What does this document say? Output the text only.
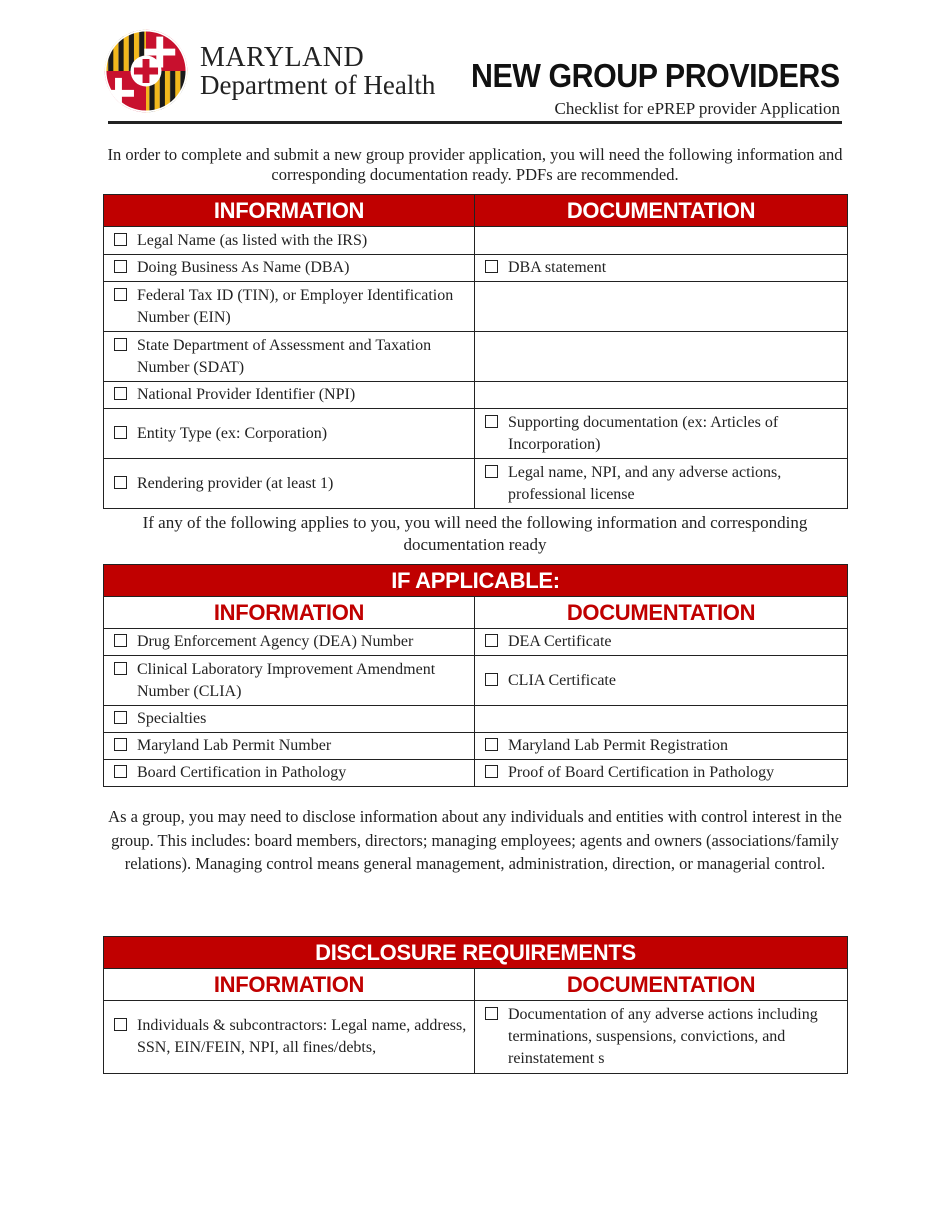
MARYLAND
Department of Health NEW GROUP PROVIDERS
Checklist for ePREP provider Application
In order to complete and submit a new group provider application, you will need the following information and corresponding documentation ready. PDFs are recommended.
INFORMATION	DOCUMENTATION

Legal Name (as listed with the IRS)	

Doing Business As Name (DBA)	DBA statement

Federal Tax ID (TIN), or Employer Identification Number (EIN)	

State Department of Assessment and Taxation Number (SDAT)	

National Provider Identifier (NPI)	

Entity Type (ex: Corporation)	Supporting documentation (ex: Articles of Incorporation)

Rendering provider (at least 1)	Legal name, NPI, and any adverse actions, professional license
If any of the following applies to you, you will need the following information and corresponding documentation ready
IF APPLICABLE:	
INFORMATION	DOCUMENTATION

Drug Enforcement Agency (DEA) Number	DEA Certificate

Clinical Laboratory Improvement Amendment Number (CLIA)	CLIA Certificate

Specialties	

Maryland Lab Permit Number	Maryland Lab Permit Registration

Board Certification in Pathology	Proof of Board Certification in Pathology
As a group, you may need to disclose information about any individuals and entities with control interest in the group. This includes: board members, directors; managing employees; agents and owners (associations/family relations). Managing control means general management, administration, direction, or managerial control.
DISCLOSURE REQUIREMENTS	
INFORMATION	DOCUMENTATION

Individuals & subcontractors: Legal name, address, SSN, EIN/FEIN, NPI, all fines/debts,	Documentation of any adverse actions including terminations, suspensions, convictions, and reinstatement s
